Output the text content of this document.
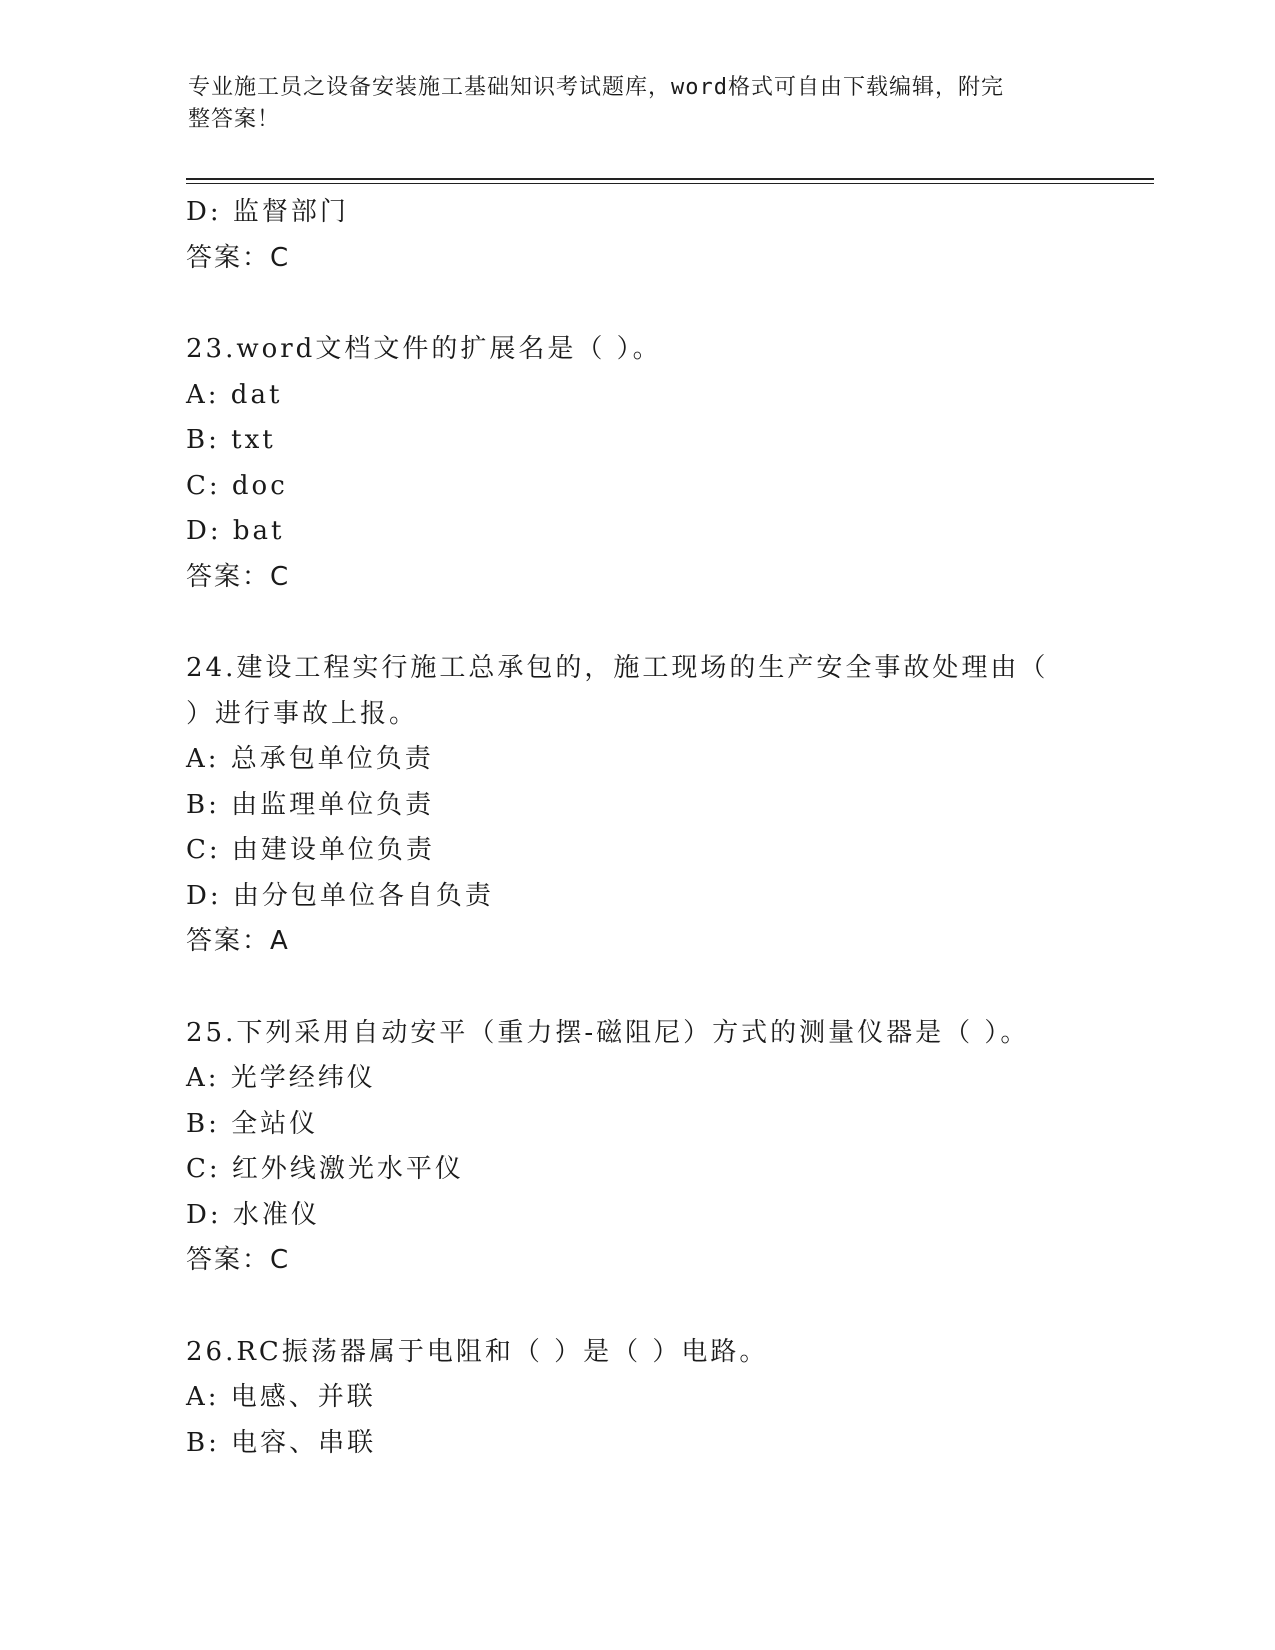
专业施工员之设备安装施工基础知识考试题库，word格式可自由下载编辑，附完
整答案！
D: 监督部门
答案：C
23.word文档文件的扩展名是（ ）。
A: dat
B: txt
C: doc
D: bat
答案：C
24.建设工程实行施工总承包的，施工现场的生产安全事故处理由（
）进行事故上报。
A: 总承包单位负责
B: 由监理单位负责
C: 由建设单位负责
D: 由分包单位各自负责
答案：A
25.下列采用自动安平（重力摆-磁阻尼）方式的测量仪器是（ ）。
A: 光学经纬仪
B: 全站仪
C: 红外线激光水平仪
D: 水准仪
答案：C
26.RC振荡器属于电阻和（ ）是（ ）电路。
A: 电感、并联
B: 电容、串联
